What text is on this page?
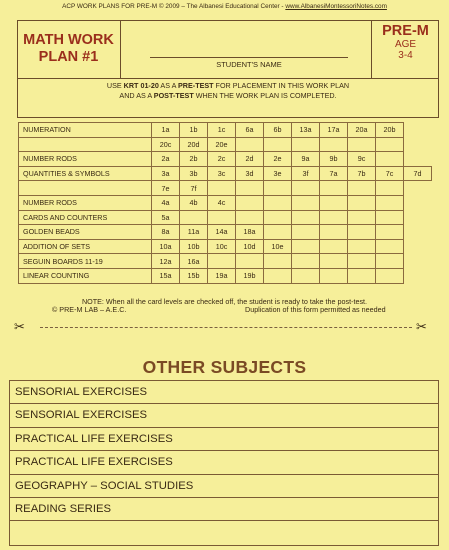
ACP WORK PLANS FOR PRE-M © 2009 – The Albanesi Educational Center - www.AlbanesiMontessoriNotes.com
MATH WORK
PLAN #1
PRE-M
AGE
3-4
STUDENT'S NAME
USE KRT 01-20 AS A PRE-TEST FOR PLACEMENT IN THIS WORK PLAN
AND AS A POST-TEST WHEN THE WORK PLAN IS COMPLETED.
NUMERATION	1a	1b	1c	6a	6b	13a	17a	20a	20b	
	20c	20d	20e							
NUMBER RODS	2a	2b	2c	2d	2e	9a	9b	9c		
QUANTITIES & SYMBOLS	3a	3b	3c	3d	3e	3f	7a	7b	7c	7d
	7e	7f								
NUMBER RODS	4a	4b	4c							
CARDS AND COUNTERS	5a									
GOLDEN BEADS	8a	11a	14a	18a						
ADDITION OF SETS	10a	10b	10c	10d	10e					
SEGUIN BOARDS 11-19	12a	16a								
LINEAR COUNTING	15a	15b	19a	19b						
NOTE: When all the card levels are checked off, the student is ready to take the post-test.
© PRE-M LAB – A.E.C.	Duplication of this form permitted as needed
✂	✂
OTHER SUBJECTS
SENSORIAL EXERCISES
SENSORIAL EXERCISES
PRACTICAL LIFE EXERCISES
PRACTICAL LIFE EXERCISES
GEOGRAPHY – SOCIAL STUDIES
READING SERIES
